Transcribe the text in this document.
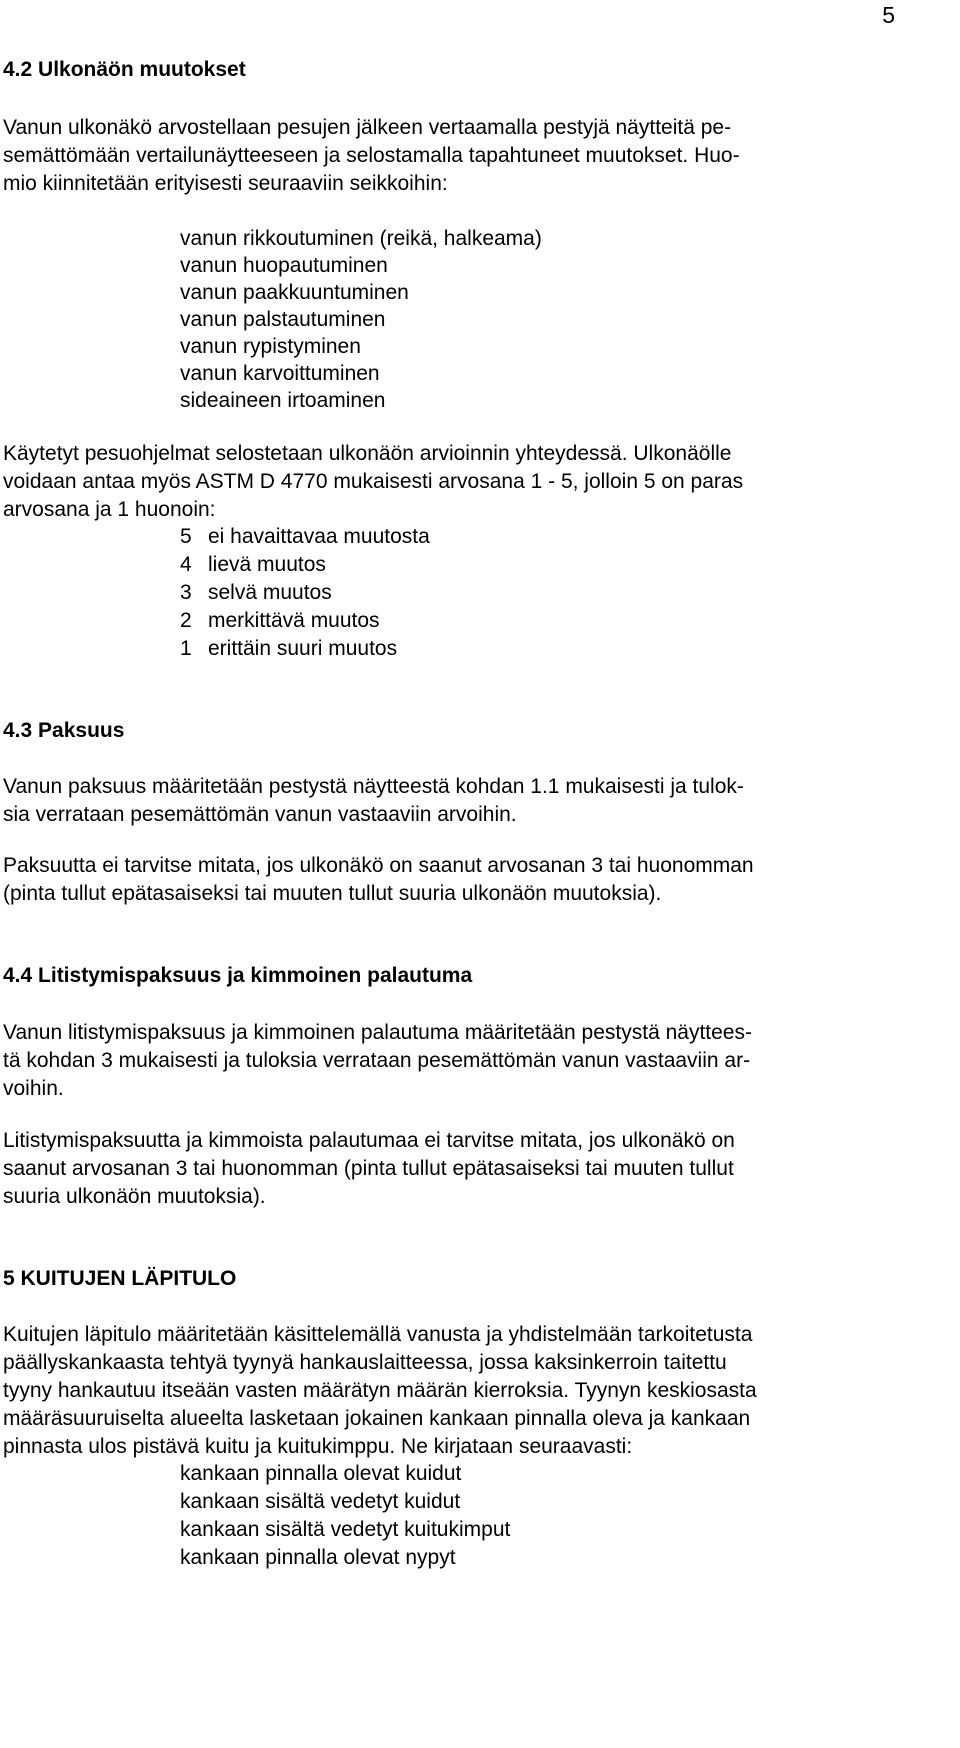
5
4.2 Ulkonäön muutokset
Vanun ulkonäkö arvostellaan pesujen jälkeen vertaamalla pestyjä näytteitä pe-
semättömään vertailunäytteeseen ja selostamalla tapahtuneet muutokset. Huo-
mio kiinnitetään erityisesti seuraaviin seikkoihin:
vanun rikkoutuminen (reikä, halkeama)
vanun huopautuminen
vanun paakkuuntuminen
vanun palstautuminen
vanun rypistyminen
vanun karvoittuminen
sideaineen irtoaminen
Käytetyt pesuohjelmat selostetaan ulkonäön arvioinnin yhteydessä. Ulkonäölle
voidaan antaa myös ASTM D 4770 mukaisesti arvosana 1 - 5, jolloin 5 on paras
arvosana ja 1 huonoin:
5 ei havaittavaa muutosta
4 lievä muutos
3 selvä muutos
2 merkittävä muutos
1 erittäin suuri muutos
4.3 Paksuus
Vanun paksuus määritetään pestystä näytteestä kohdan 1.1 mukaisesti ja tulok-
sia verrataan pesemättömän vanun vastaaviin arvoihin.
Paksuutta ei tarvitse mitata, jos ulkonäkö on saanut arvosanan 3 tai huonomman
(pinta tullut epätasaiseksi tai muuten tullut suuria ulkonäön muutoksia).
4.4 Litistymispaksuus ja kimmoinen palautuma
Vanun litistymispaksuus ja kimmoinen palautuma määritetään pestystä näyttees-
tä kohdan 3 mukaisesti ja tuloksia verrataan pesemättömän vanun vastaaviin ar-
voihin.
Litistymispaksuutta ja kimmoista palautumaa ei tarvitse mitata, jos ulkonäkö on
saanut arvosanan 3 tai huonomman (pinta tullut epätasaiseksi tai muuten tullut
suuria ulkonäön muutoksia).
5 KUITUJEN LÄPITULO
Kuitujen läpitulo määritetään käsittelemällä vanusta ja yhdistelmään tarkoitetusta
päällyskankaasta tehtyä tyynyä hankauslaitteessa, jossa kaksinkerroin taitettu
tyyny hankautuu itseään vasten määrätyn määrän kierroksia. Tyynyn keskiosasta
määräsuuruiselta alueelta lasketaan jokainen kankaan pinnalla oleva ja kankaan
pinnasta ulos pistävä kuitu ja kuitukimppu. Ne kirjataan seuraavasti:
kankaan pinnalla olevat kuidut
kankaan sisältä vedetyt kuidut
kankaan sisältä vedetyt kuitukimput
kankaan pinnalla olevat nypyt
